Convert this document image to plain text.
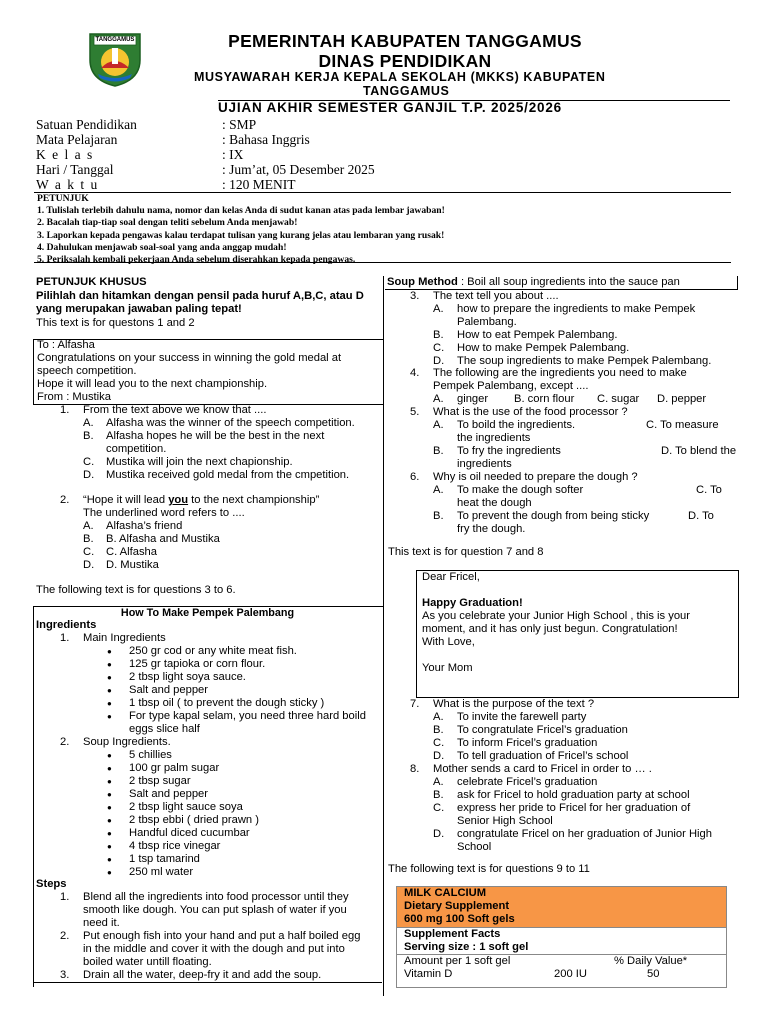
TANGGAMUS	PEMERINTAH KABUPATEN TANGGAMUS
DINAS PENDIDIKAN
MUSYAWARAH KERJA KEPALA SEKOLAH (MKKS) KABUPATEN
TANGGAMUS
UJIAN AKHIR SEMESTER GANJIL T.P. 2025/2026
Satuan Pendidikan	: SMP
Mata Pelajaran	: Bahasa Inggris
K e l a s	: IX
Hari / Tanggal	: Jum’at, 05 Desember 2025
W a k t u	: 120 MENIT
PETUNJUK
1. Tulislah terlebih dahulu nama, nomor dan kelas Anda di sudut kanan atas pada lembar jawaban!
2. Bacalah tiap-tiap soal dengan teliti sebelum Anda menjawab!
3. Laporkan kepada pengawas kalau terdapat tulisan yang kurang jelas atau lembaran yang rusak!
4. Dahulukan menjawab soal-soal yang anda anggap mudah!
5. Periksalah kembali pekerjaan Anda sebelum diserahkan kepada pengawas.
PETUNJUK KHUSUS
Pilihlah dan hitamkan dengan pensil pada huruf A,B,C, atau D
yang merupakan jawaban paling tepat!
This text is for questons 1 and 2
To : Alfasha
Congratulations on your success in winning the gold medal at
speech competition.
Hope it will lead you to the next championship.
From : Mustika
1. From the text above we know that ....
A. Alfasha was the winner of the speech competition.
B. Alfasha hopes he will be the best in the next
competition.
C. Mustika will join the next chapionship.
D. Mustika received gold medal from the cmpetition.
2. “Hope it will lead you to the next championship”
The underlined word refers to ....
A. Alfasha’s friend
B. B. Alfasha and Mustika
C. C. Alfasha
D. D. Mustika
The following text is for questions 3 to 6.
How To Make Pempek Palembang
Ingredients
1. Main Ingredients
● 250 gr cod or any white meat fish.
● 125 gr tapioka or corn flour.
● 2 tbsp light soya sauce.
● Salt and pepper
● 1 tbsp oil ( to prevent the dough sticky )
● For type kapal selam, you need three hard boild
eggs slice half
2. Soup Ingredients.
● 5 chillies
● 100 gr palm sugar
● 2 tbsp sugar
● Salt and pepper
● 2 tbsp light sauce soya
● 2 tbsp ebbi ( dried prawn )
● Handful diced cucumbar
● 4 tbsp rice vinegar
● 1 tsp tamarind
● 250 ml water
Steps
1. Blend all the ingredients into food processor until they
smooth like dough. You can put splash of water if you
need it.
2. Put enough fish into your hand and put a half boiled egg
in the middle and cover it with the dough and put into
boiled water untill floating.
3. Drain all the water, deep-fry it and add the soup.
Soup Method : Boil all soup ingredients into the sauce pan
3. The text tell you about ....
A. how to prepare the ingredients to make Pempek
Palembang.
B. How to eat Pempek Palembang.
C. How to make Pempek Palembang.
D. The soup ingredients to make Pempek Palembang.
4. The following are the ingredients you need to make
Pempek Palembang, except ....
A. ginger B. corn flour C. sugar D. pepper
5. What is the use of the food processor ?
A. To boild the ingredients.	C. To measure
the ingredients
B. To fry the ingredients	D. To blend the
ingredients
6. Why is oil needed to prepare the dough ?
A. To make the dough softer	C. To
heat the dough
B. To prevent the dough from being sticky	D. To
fry the dough.
This text is for question 7 and 8
Dear Fricel,
Happy Graduation!
As you celebrate your Junior High School , this is your
moment, and it has only just begun. Congratulation!
With Love,
Your Mom
7. What is the purpose of the text ?
A. To invite the farewell party
B. To congratulate Fricel’s graduation
C. To inform Fricel’s graduation
D. To tell graduation of Fricel’s school
8. Mother sends a card to Fricel in order to … .
A. celebrate Fricel’s graduation
B. ask for Fricel to hold graduation party at school
C. express her pride to Fricel for her graduation of
Senior High School
D. congratulate Fricel on her graduation of Junior High
School
The following text is for questions 9 to 11
MILK CALCIUM
Dietary Supplement
600 mg 100 Soft gels
Supplement Facts
Serving size : 1 soft gel
Amount per 1 soft gel	% Daily Value*
Vitamin D	200 IU	50
